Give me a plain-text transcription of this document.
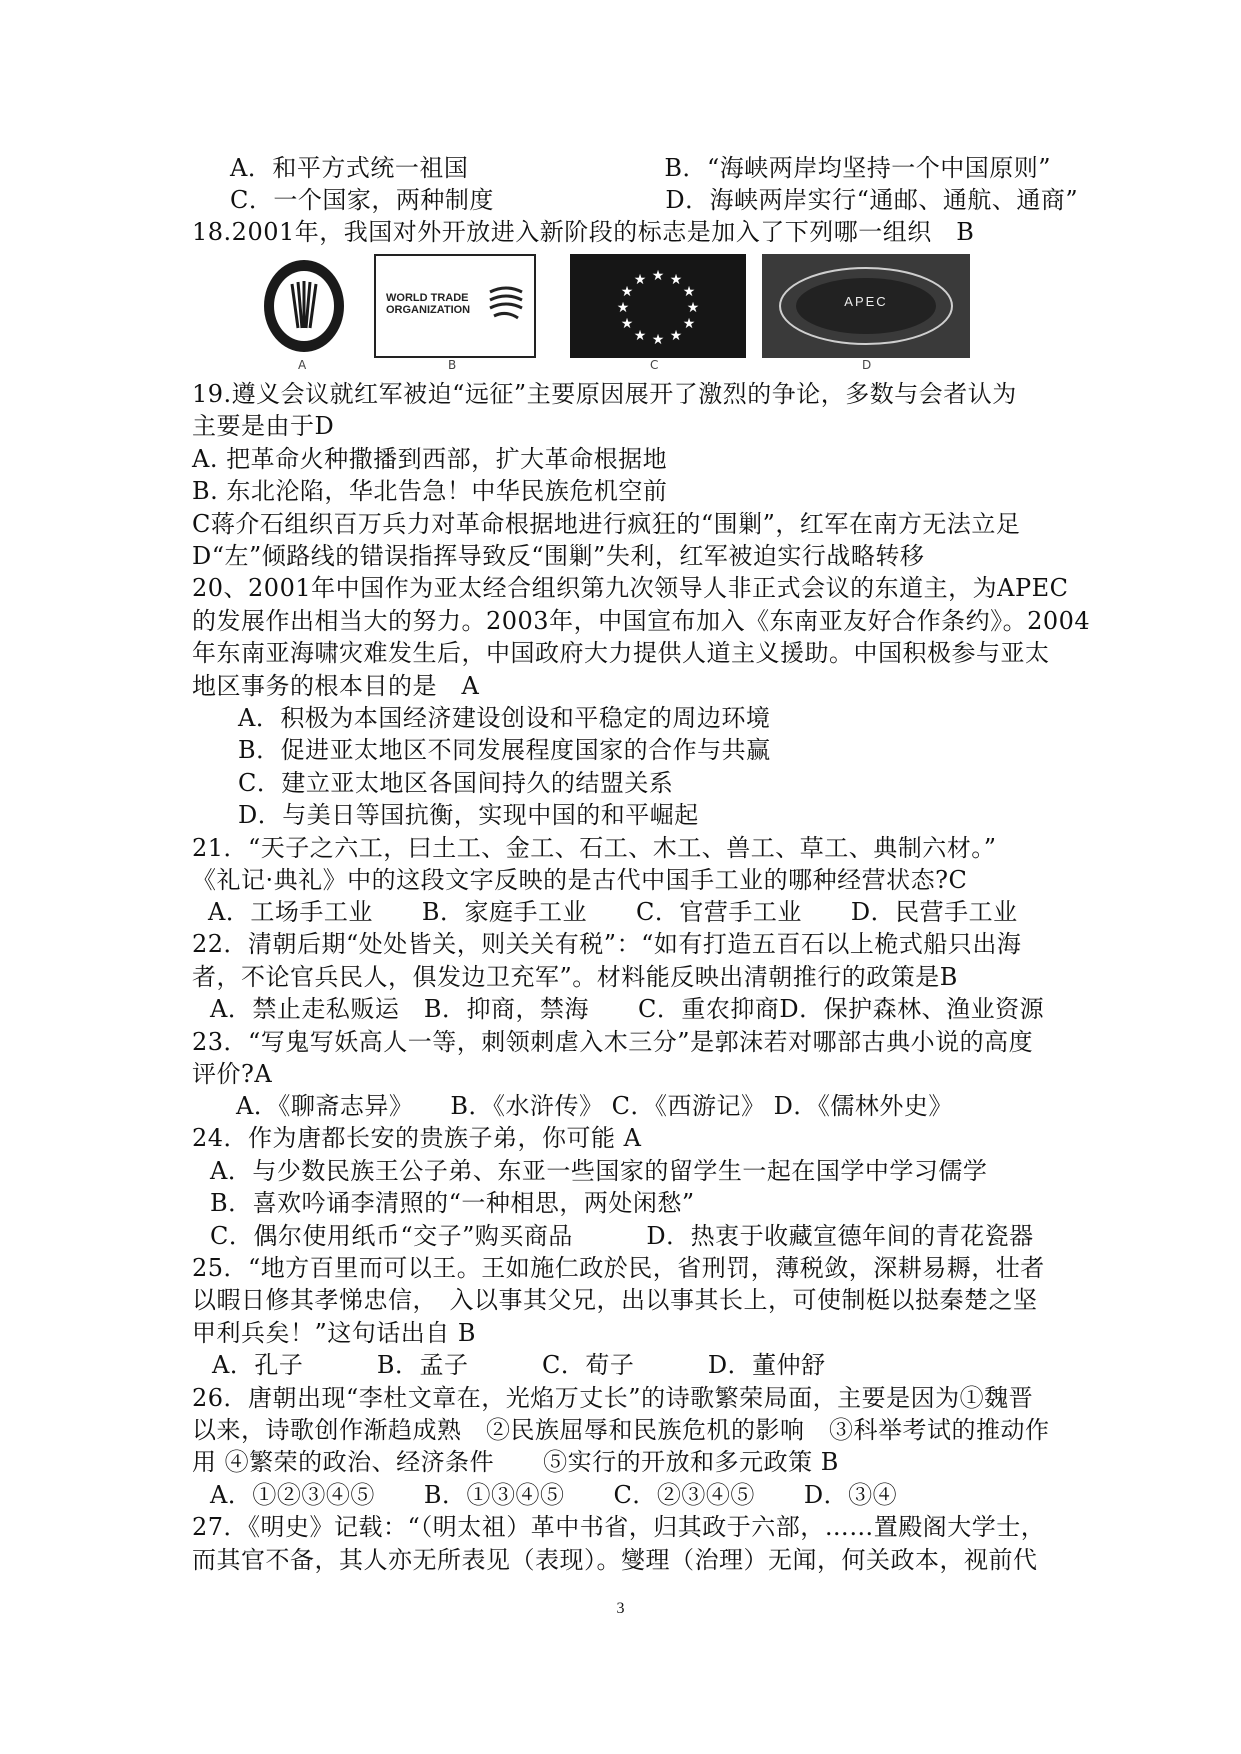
A．和平方式统一祖国　　　　　　　　B．“海峡两岸均坚持一个中国原则”
C．一个国家，两种制度　　　　　　　D．海峡两岸实行“通邮、通航、通商”
18.2001年，我国对外开放进入新阶段的标志是加入了下列哪一组织　B
A
WORLD TRADE
ORGANIZATION
B
★ ★
★
★
★
★
★
★
★
★
★
★
C
APEC
D
19.遵义会议就红军被迫“远征”主要原因展开了激烈的争论，多数与会者认为
主要是由于D
A. 把革命火种撒播到西部，扩大革命根据地
B. 东北沦陷，华北告急！中华民族危机空前
C蒋介石组织百万兵力对革命根据地进行疯狂的“围剿”，红军在南方无法立足
D“左”倾路线的错误指挥导致反“围剿”失利，红军被迫实行战略转移
20、2001年中国作为亚太经合组织第九次领导人非正式会议的东道主，为APEC
的发展作出相当大的努力。2003年，中国宣布加入《东南亚友好合作条约》。2004
年东南亚海啸灾难发生后，中国政府大力提供人道主义援助。中国积极参与亚太
地区事务的根本目的是　A
A．积极为本国经济建设创设和平稳定的周边环境
B．促进亚太地区不同发展程度国家的合作与共赢
C．建立亚太地区各国间持久的结盟关系
D．与美日等国抗衡，实现中国的和平崛起
21．“天子之六工，曰土工、金工、石工、木工、兽工、草工、典制六材。”
《礼记·典礼》中的这段文字反映的是古代中国手工业的哪种经营状态?C
A．工场手工业　　B．家庭手工业　　C．官营手工业　　D．民营手工业
22．清朝后期“处处皆关，则关关有税”：“如有打造五百石以上桅式船只出海
者，不论官兵民人，俱发边卫充军”。材料能反映出清朝推行的政策是B
A．禁止走私贩运　B．抑商，禁海　　C．重农抑商D．保护森林、渔业资源
23．“写鬼写妖高人一等，刺领刺虐入木三分”是郭沫若对哪部古典小说的高度
评价?A
A．《聊斋志异》　　B．《水浒传》 C．《西游记》 D．《儒林外史》
24．作为唐都长安的贵族子弟，你可能 A
A．与少数民族王公子弟、东亚一些国家的留学生一起在国学中学习儒学
B．喜欢吟诵李清照的“一种相思，两处闲愁”
C．偶尔使用纸币“交子”购买商品　　　D．热衷于收藏宣德年间的青花瓷器
25．“地方百里而可以王。王如施仁政於民，省刑罚，薄税敛，深耕易耨，壮者
以暇日修其孝悌忠信，　入以事其父兄，出以事其长上，可使制梃以挞秦楚之坚
甲利兵矣！”这句话出自 B
A．孔子　　　B．孟子　　　C．荀子　　　D．董仲舒
26．唐朝出现“李杜文章在，光焰万丈长”的诗歌繁荣局面，主要是因为①魏晋
以来，诗歌创作渐趋成熟　②民族屈辱和民族危机的影响　③科举考试的推动作
用 ④繁荣的政治、经济条件　　⑤实行的开放和多元政策 B
A．①②③④⑤　　B．①③④⑤　　C．②③④⑤　　D．③④
27．《明史》记载：“（明太祖）革中书省，归其政于六部，……置殿阁大学士，
而其官不备，其人亦无所表见（表现）。燮理（治理）无闻，何关政本，视前代
3
